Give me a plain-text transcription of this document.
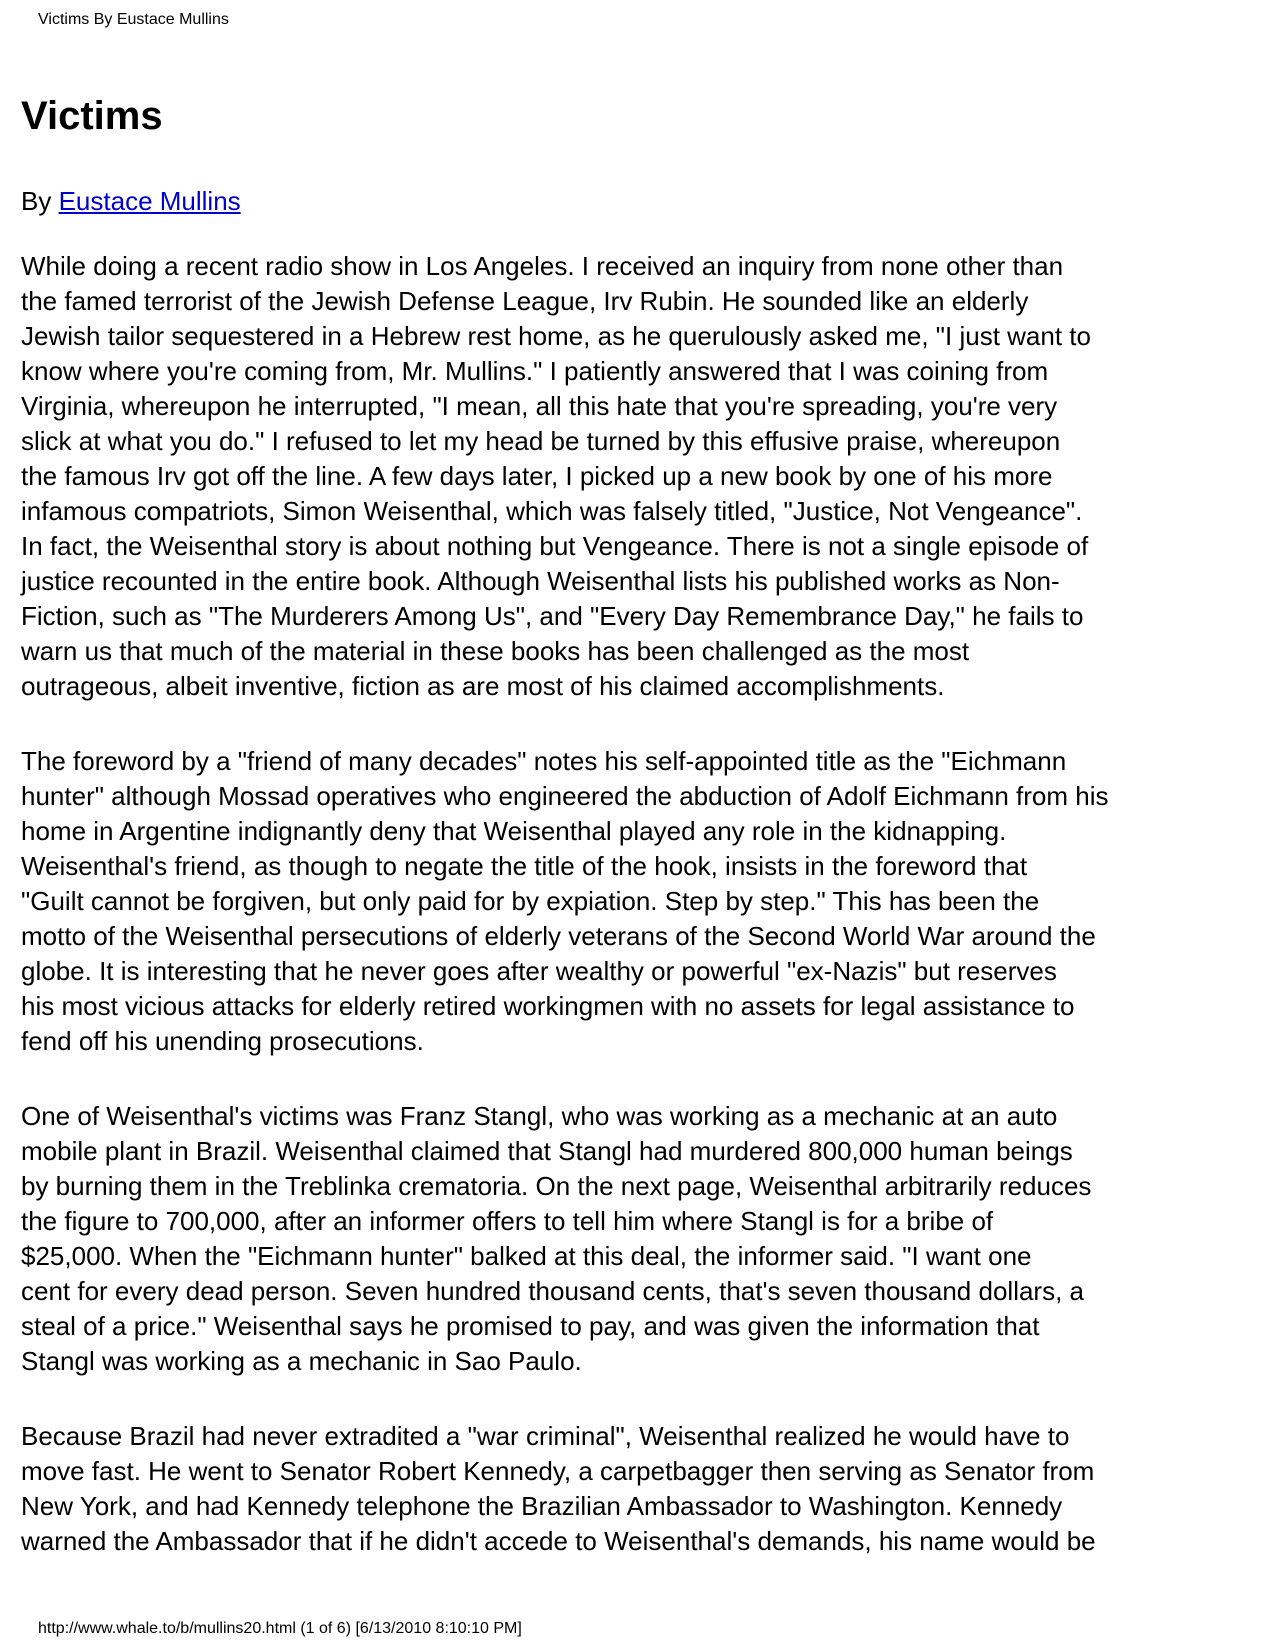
Victims By Eustace Mullins
Victims

By Eustace Mullins

While doing a recent radio show in Los Angeles. I received an inquiry from none other than
the famed terrorist of the Jewish Defense League, Irv Rubin. He sounded like an elderly
Jewish tailor sequestered in a Hebrew rest home, as he querulously asked me, "I just want to
know where you're coming from, Mr. Mullins." I patiently answered that I was coining from
Virginia, whereupon he interrupted, "I mean, all this hate that you're spreading, you're very
slick at what you do." I refused to let my head be turned by this effusive praise, whereupon
the famous Irv got off the line. A few days later, I picked up a new book by one of his more
infamous compatriots, Simon Weisenthal, which was falsely titled, "Justice, Not Vengeance".
In fact, the Weisenthal story is about nothing but Vengeance. There is not a single episode of
justice recounted in the entire book. Although Weisenthal lists his published works as Non-
Fiction, such as "The Murderers Among Us", and "Every Day Remembrance Day," he fails to
warn us that much of the material in these books has been challenged as the most
outrageous, albeit inventive, fiction as are most of his claimed accomplishments.

The foreword by a "friend of many decades" notes his self-appointed title as the "Eichmann
hunter" although Mossad operatives who engineered the abduction of Adolf Eichmann from his
home in Argentine indignantly deny that Weisenthal played any role in the kidnapping.
Weisenthal's friend, as though to negate the title of the hook, insists in the foreword that
"Guilt cannot be forgiven, but only paid for by expiation. Step by step." This has been the
motto of the Weisenthal persecutions of elderly veterans of the Second World War around the
globe. It is interesting that he never goes after wealthy or powerful "ex-Nazis" but reserves
his most vicious attacks for elderly retired workingmen with no assets for legal assistance to
fend off his unending prosecutions.

One of Weisenthal's victims was Franz Stangl, who was working as a mechanic at an auto
mobile plant in Brazil. Weisenthal claimed that Stangl had murdered 800,000 human beings
by burning them in the Treblinka crematoria. On the next page, Weisenthal arbitrarily reduces
the figure to 700,000, after an informer offers to tell him where Stangl is for a bribe of
$25,000. When the "Eichmann hunter" balked at this deal, the informer said. "I want one
cent for every dead person. Seven hundred thousand cents, that's seven thousand dollars, a
steal of a price." Weisenthal says he promised to pay, and was given the information that
Stangl was working as a mechanic in Sao Paulo.

Because Brazil had never extradited a "war criminal", Weisenthal realized he would have to
move fast. He went to Senator Robert Kennedy, a carpetbagger then serving as Senator from
New York, and had Kennedy telephone the Brazilian Ambassador to Washington. Kennedy
warned the Ambassador that if he didn't accede to Weisenthal's demands, his name would be

http://www.whale.to/b/mullins20.html (1 of 6) [6/13/2010 8:10:10 PM]
